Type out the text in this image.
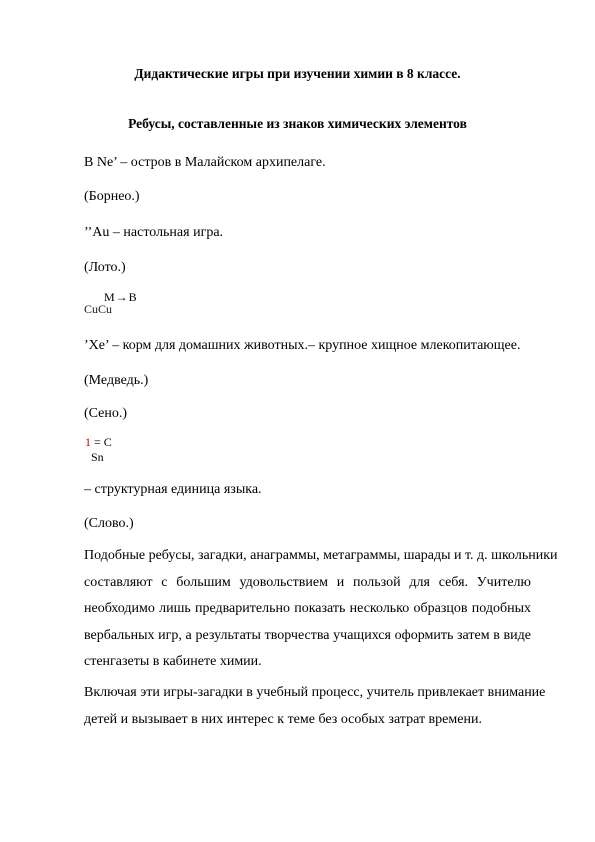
Дидактические игры при изучении химии в 8 классе.
Ребусы, составленные из знаков химических элементов
В Ne’ – остров в Малайском архипелаге.
(Борнео.)
’’Au – настольная игра.
(Лото.)
M→B
CuCu
’Xe’ – корм для домашних животных.– крупное хищное млекопитающее.
(Медведь.)
(Сено.)
1 = C
Sn
– структурная единица языка.
(Слово.)
Подобные ребусы, загадки, анаграммы, метаграммы, шарады и т. д. школьники
составляют с большим удовольствием и пользой для себя. Учителю
необходимо лишь предварительно показать несколько образцов подобных
вербальных игр, а результаты творчества учащихся оформить затем в виде
стенгазеты в кабинете химии.
Включая эти игры-загадки в учебный процесс, учитель привлекает внимание
детей и вызывает в них интерес к теме без особых затрат времени.
